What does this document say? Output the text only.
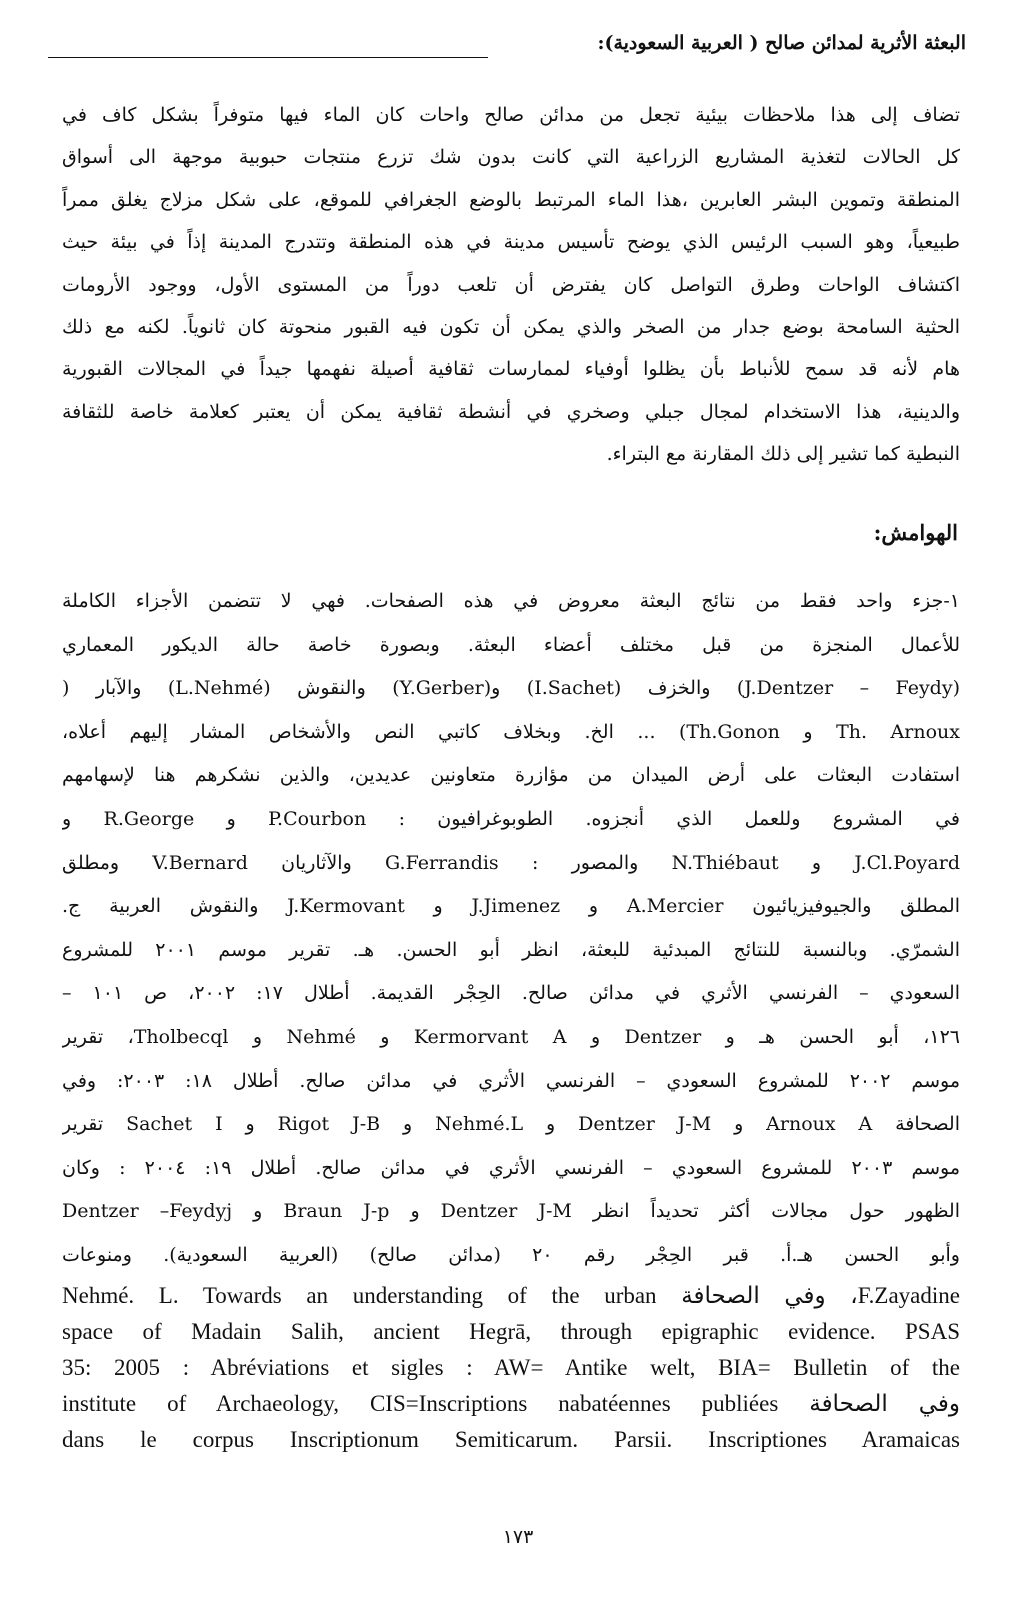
البعثة الأثرية لمدائن صالح ( العربية السعودية):
تضاف إلى هذا ملاحظات بيئية تجعل من مدائن صالح واحات كان الماء فيها متوفراً بشكل كاف في
كل الحالات لتغذية المشاريع الزراعية التي كانت بدون شك تزرع منتجات حبوبية موجهة الى أسواق
المنطقة وتموين البشر العابرين ،هذا الماء المرتبط بالوضع الجغرافي للموقع، على شكل مزلاج يغلق ممراً
طبيعياً، وهو السبب الرئيس الذي يوضح تأسيس مدينة في هذه المنطقة وتتدرج المدينة إذاً في بيئة حيث
اكتشاف الواحات وطرق التواصل كان يفترض أن تلعب دوراً من المستوى الأول، ووجود الأرومات
الحثية السامحة بوضع جدار من الصخر والذي يمكن أن تكون فيه القبور منحوتة كان ثانوياً. لكنه مع ذلك
هام لأنه قد سمح للأنباط بأن يظلوا أوفياء لممارسات ثقافية أصيلة نفهمها جيداً في المجالات القبورية
والدينية، هذا الاستخدام لمجال جبلي وصخري في أنشطة ثقافية يمكن أن يعتبر كعلامة خاصة للثقافة
النبطية كما تشير إلى ذلك المقارنة مع البتراء.
الهوامش:
١-جزء واحد فقط من نتائج البعثة معروض في هذه الصفحات. فهي لا تتضمن الأجزاء الكاملة
للأعمال المنجزة من قبل مختلف أعضاء البعثة. وبصورة خاصة حالة الديكور المعماري
(J.Dentzer – Feydy) والخزف (I.Sachet) و(Y.Gerber) والنقوش (L.Nehmé) والآبار (
Th. Arnoux و Th.Gonon) ... الخ. وبخلاف كاتبي النص والأشخاص المشار إليهم أعلاه،
استفادت البعثات على أرض الميدان من مؤازرة متعاونين عديدين، والذين نشكرهم هنا لإسهامهم
في المشروع وللعمل الذي أنجزوه. الطوبوغرافيون : P.Courbon و R.George و
J.Cl.Poyard و N.Thiébaut والمصور : G.Ferrandis والآثاريان V.Bernard ومطلق
المطلق والجيوفيزيائيون A.Mercier و J.Jimenez و J.Kermovant والنقوش العربية ج.
الشمرّي. وبالنسبة للنتائج المبدئية للبعثة، انظر أبو الحسن. هـ. تقرير موسم ٢٠٠١ للمشروع
السعودي – الفرنسي الأثري في مدائن صالح. الحِجْر القديمة. أطلال ١٧: ٢٠٠٢، ص ١٠١ –
١٢٦، أبو الحسن هـ و Dentzer و Kermorvant A و Nehmé و Tholbecql، تقرير
موسم ٢٠٠٢ للمشروع السعودي – الفرنسي الأثري في مدائن صالح. أطلال ١٨: ٢٠٠٣: وفي
الصحافة Arnoux A و Dentzer J-M و Nehmé.L و Rigot J-B و Sachet I تقرير
موسم ٢٠٠٣ للمشروع السعودي – الفرنسي الأثري في مدائن صالح. أطلال ١٩: ٢٠٠٤ : وكان
الظهور حول مجالات أكثر تحديداً انظر Dentzer J-M و Braun J-p و Dentzer –Feydyj
وأبو الحسن هـ.أ. قبر الحِجْر رقم ٢٠ (مدائن صالح) (العربية السعودية). ومنوعات
Nehmé. L. Towards an understanding of the urban وفي الصحافة ،F.Zayadine
space of Madain Salih, ancient Hegrā, through epigraphic evidence. PSAS
35: 2005 : Abréviations et sigles : AW= Antike welt, BIA= Bulletin of the
institute of Archaeology, CIS=Inscriptions nabatéennes publiées وفي الصحافة
dans le corpus Inscriptionum Semiticarum. Parsii. Inscriptiones Aramaicas
١٧٣
